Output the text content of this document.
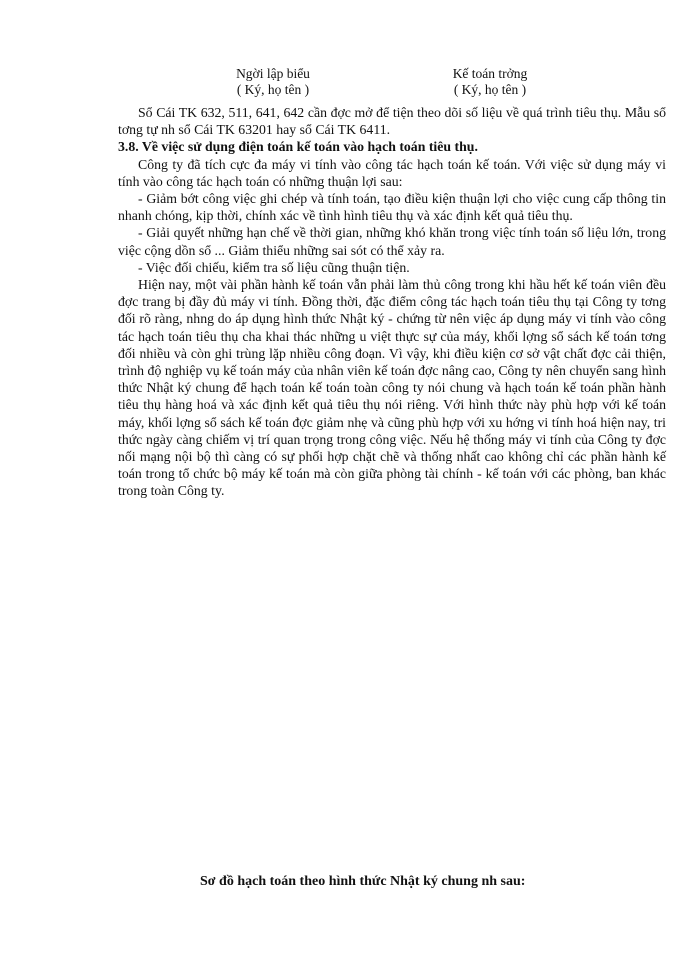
Ngời lập biểu
( Ký, họ tên )
Kế toán trởng
( Ký, họ tên )

Sổ Cái TK 632, 511, 641, 642 cần đợc mở để tiện theo dõi số liệu về quá trình tiêu thụ. Mẫu sổ tơng tự nh sổ Cái TK 63201 hay sổ Cái TK 6411.

3.8. Về việc sử dụng điện toán kế toán vào hạch toán tiêu thụ.

Công ty đã tích cực đa máy vi tính vào công tác hạch toán kế toán. Với việc sử dụng máy vi tính vào công tác hạch toán có những thuận lợi sau:

- Giảm bớt công việc ghi chép và tính toán, tạo điều kiện thuận lợi cho việc cung cấp thông tin nhanh chóng, kịp thời, chính xác về tình hình tiêu thụ và xác định kết quả tiêu thụ.

- Giải quyết những hạn chế về thời gian, những khó khăn trong việc tính toán số liệu lớn, trong việc cộng dồn sổ ... Giảm thiểu những sai sót có thể xảy ra.

- Việc đối chiếu, kiểm tra số liệu cũng thuận tiện.

Hiện nay, một vài phần hành kế toán vẫn phải làm thủ công trong khi hầu hết kế toán viên đều đợc trang bị đầy đủ máy vi tính. Đồng thời, đặc điểm công tác hạch toán tiêu thụ tại Công ty tơng đối rõ ràng, nhng do áp dụng hình thức Nhật ký - chứng từ nên việc áp dụng máy vi tính vào công tác hạch toán tiêu thụ cha khai thác những u việt thực sự của máy, khối lợng sổ sách kế toán tơng đối nhiều và còn ghi trùng lặp nhiều công đoạn. Vì vậy, khi điều kiện cơ sở vật chất đợc cải thiện, trình độ nghiệp vụ kế toán máy của nhân viên kế toán đợc nâng cao, Công ty nên chuyển sang hình thức Nhật ký chung để hạch toán kế toán toàn công ty nói chung và hạch toán kế toán phần hành tiêu thụ hàng hoá và xác định kết quả tiêu thụ nói riêng. Với hình thức này phù hợp với kế toán máy, khối lợng sổ sách kế toán đợc giảm nhẹ và cũng phù hợp với xu hớng vi tính hoá hiện nay, tri thức ngày càng chiếm vị trí quan trọng trong công việc. Nếu hệ thống máy vi tính của Công ty đợc nối mạng nội bộ thì càng có sự phối hợp chặt chẽ và thống nhất cao không chỉ các phần hành kế toán trong tổ chức bộ máy kế toán mà còn giữa phòng tài chính - kế toán với các phòng, ban khác trong toàn Công ty.

Sơ đồ hạch toán theo hình thức Nhật ký chung nh sau:
